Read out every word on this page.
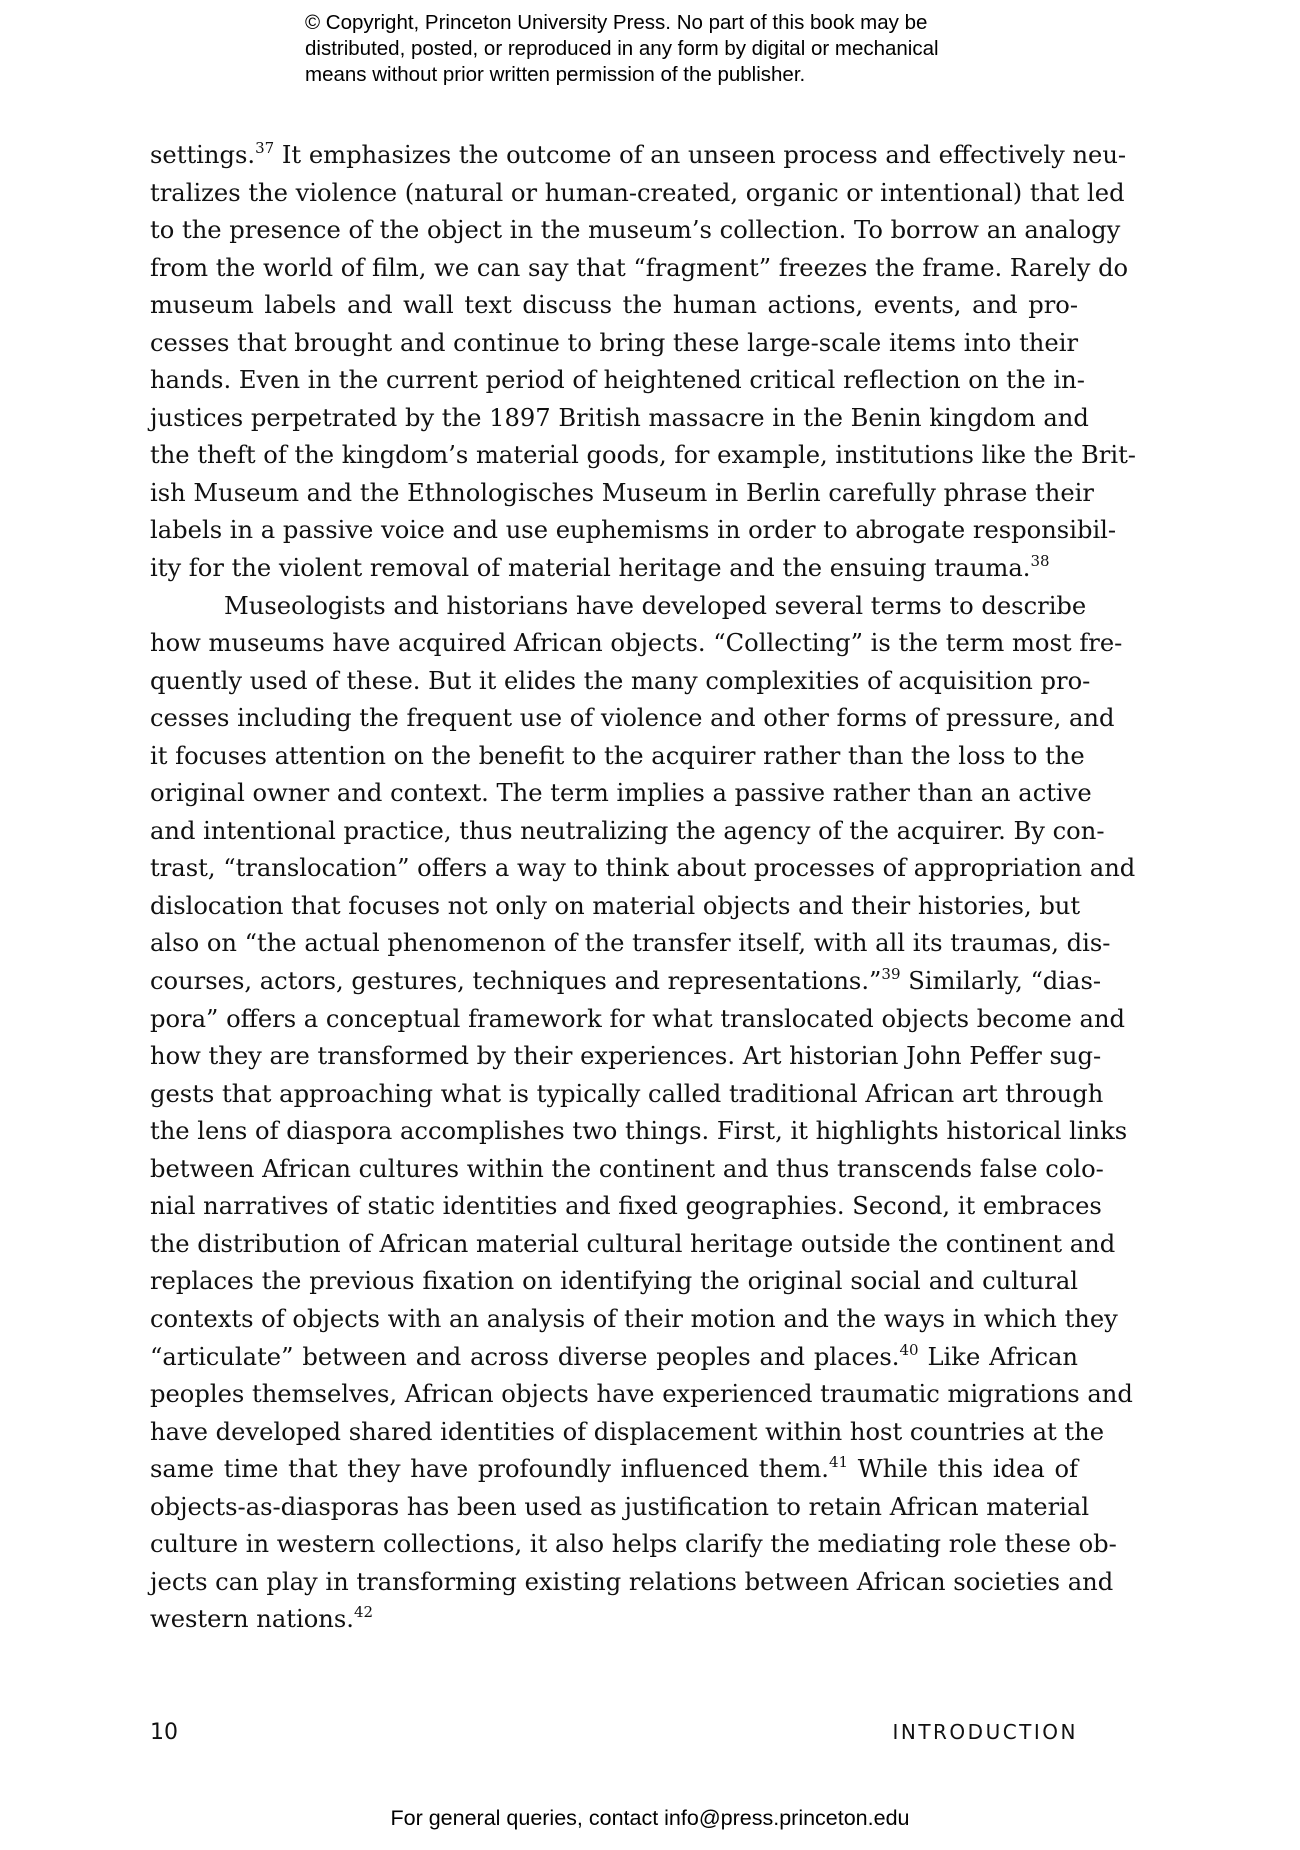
© Copyright, Princeton University Press. No part of this book may be
distributed, posted, or reproduced in any form by digital or mechanical
means without prior written permission of the publisher.
settings.$^{37}$ It emphasizes the outcome of an unseen process and effectively neu-
tralizes the violence (natural or human-created, organic or intentional) that led
to the presence of the object in the museum’s collection. To borrow an analogy
from the world of film, we can say that “fragment” freezes the frame. Rarely do
museum labels and wall text discuss the human actions, events, and pro-
cesses that brought and continue to bring these large-scale items into their
hands. Even in the current period of heightened critical reflection on the in-
justices perpetrated by the 1897 British massacre in the Benin kingdom and
the theft of the kingdom’s material goods, for example, institutions like the Brit-
ish Museum and the Ethnologisches Museum in Berlin carefully phrase their
labels in a passive voice and use euphemisms in order to abrogate responsibil-
ity for the violent removal of material heritage and the ensuing trauma.$^{38}$
Museologists and historians have developed several terms to describe
how museums have acquired African objects. “Collecting” is the term most fre-
quently used of these. But it elides the many complexities of acquisition pro-
cesses including the frequent use of violence and other forms of pressure, and
it focuses attention on the benefit to the acquirer rather than the loss to the
original owner and context. The term implies a passive rather than an active
and intentional practice, thus neutralizing the agency of the acquirer. By con-
trast, “translocation” offers a way to think about processes of appropriation and
dislocation that focuses not only on material objects and their histories, but
also on “the actual phenomenon of the transfer itself, with all its traumas, dis-
courses, actors, gestures, techniques and representations.”$^{39}$ Similarly, “dias-
pora” offers a conceptual framework for what translocated objects become and
how they are transformed by their experiences. Art historian John Peffer sug-
gests that approaching what is typically called traditional African art through
the lens of diaspora accomplishes two things. First, it highlights historical links
between African cultures within the continent and thus transcends false colo-
nial narratives of static identities and fixed geographies. Second, it embraces
the distribution of African material cultural heritage outside the continent and
replaces the previous fixation on identifying the original social and cultural
contexts of objects with an analysis of their motion and the ways in which they
“articulate” between and across diverse peoples and places.$^{40}$ Like African
peoples themselves, African objects have experienced traumatic migrations and
have developed shared identities of displacement within host countries at the
same time that they have profoundly influenced them.$^{41}$ While this idea of
objects-as-diasporas has been used as justification to retain African material
culture in western collections, it also helps clarify the mediating role these ob-
jects can play in transforming existing relations between African societies and
western nations.$^{42}$
10	INTRODUCTION
For general queries, contact info@press.princeton.edu
